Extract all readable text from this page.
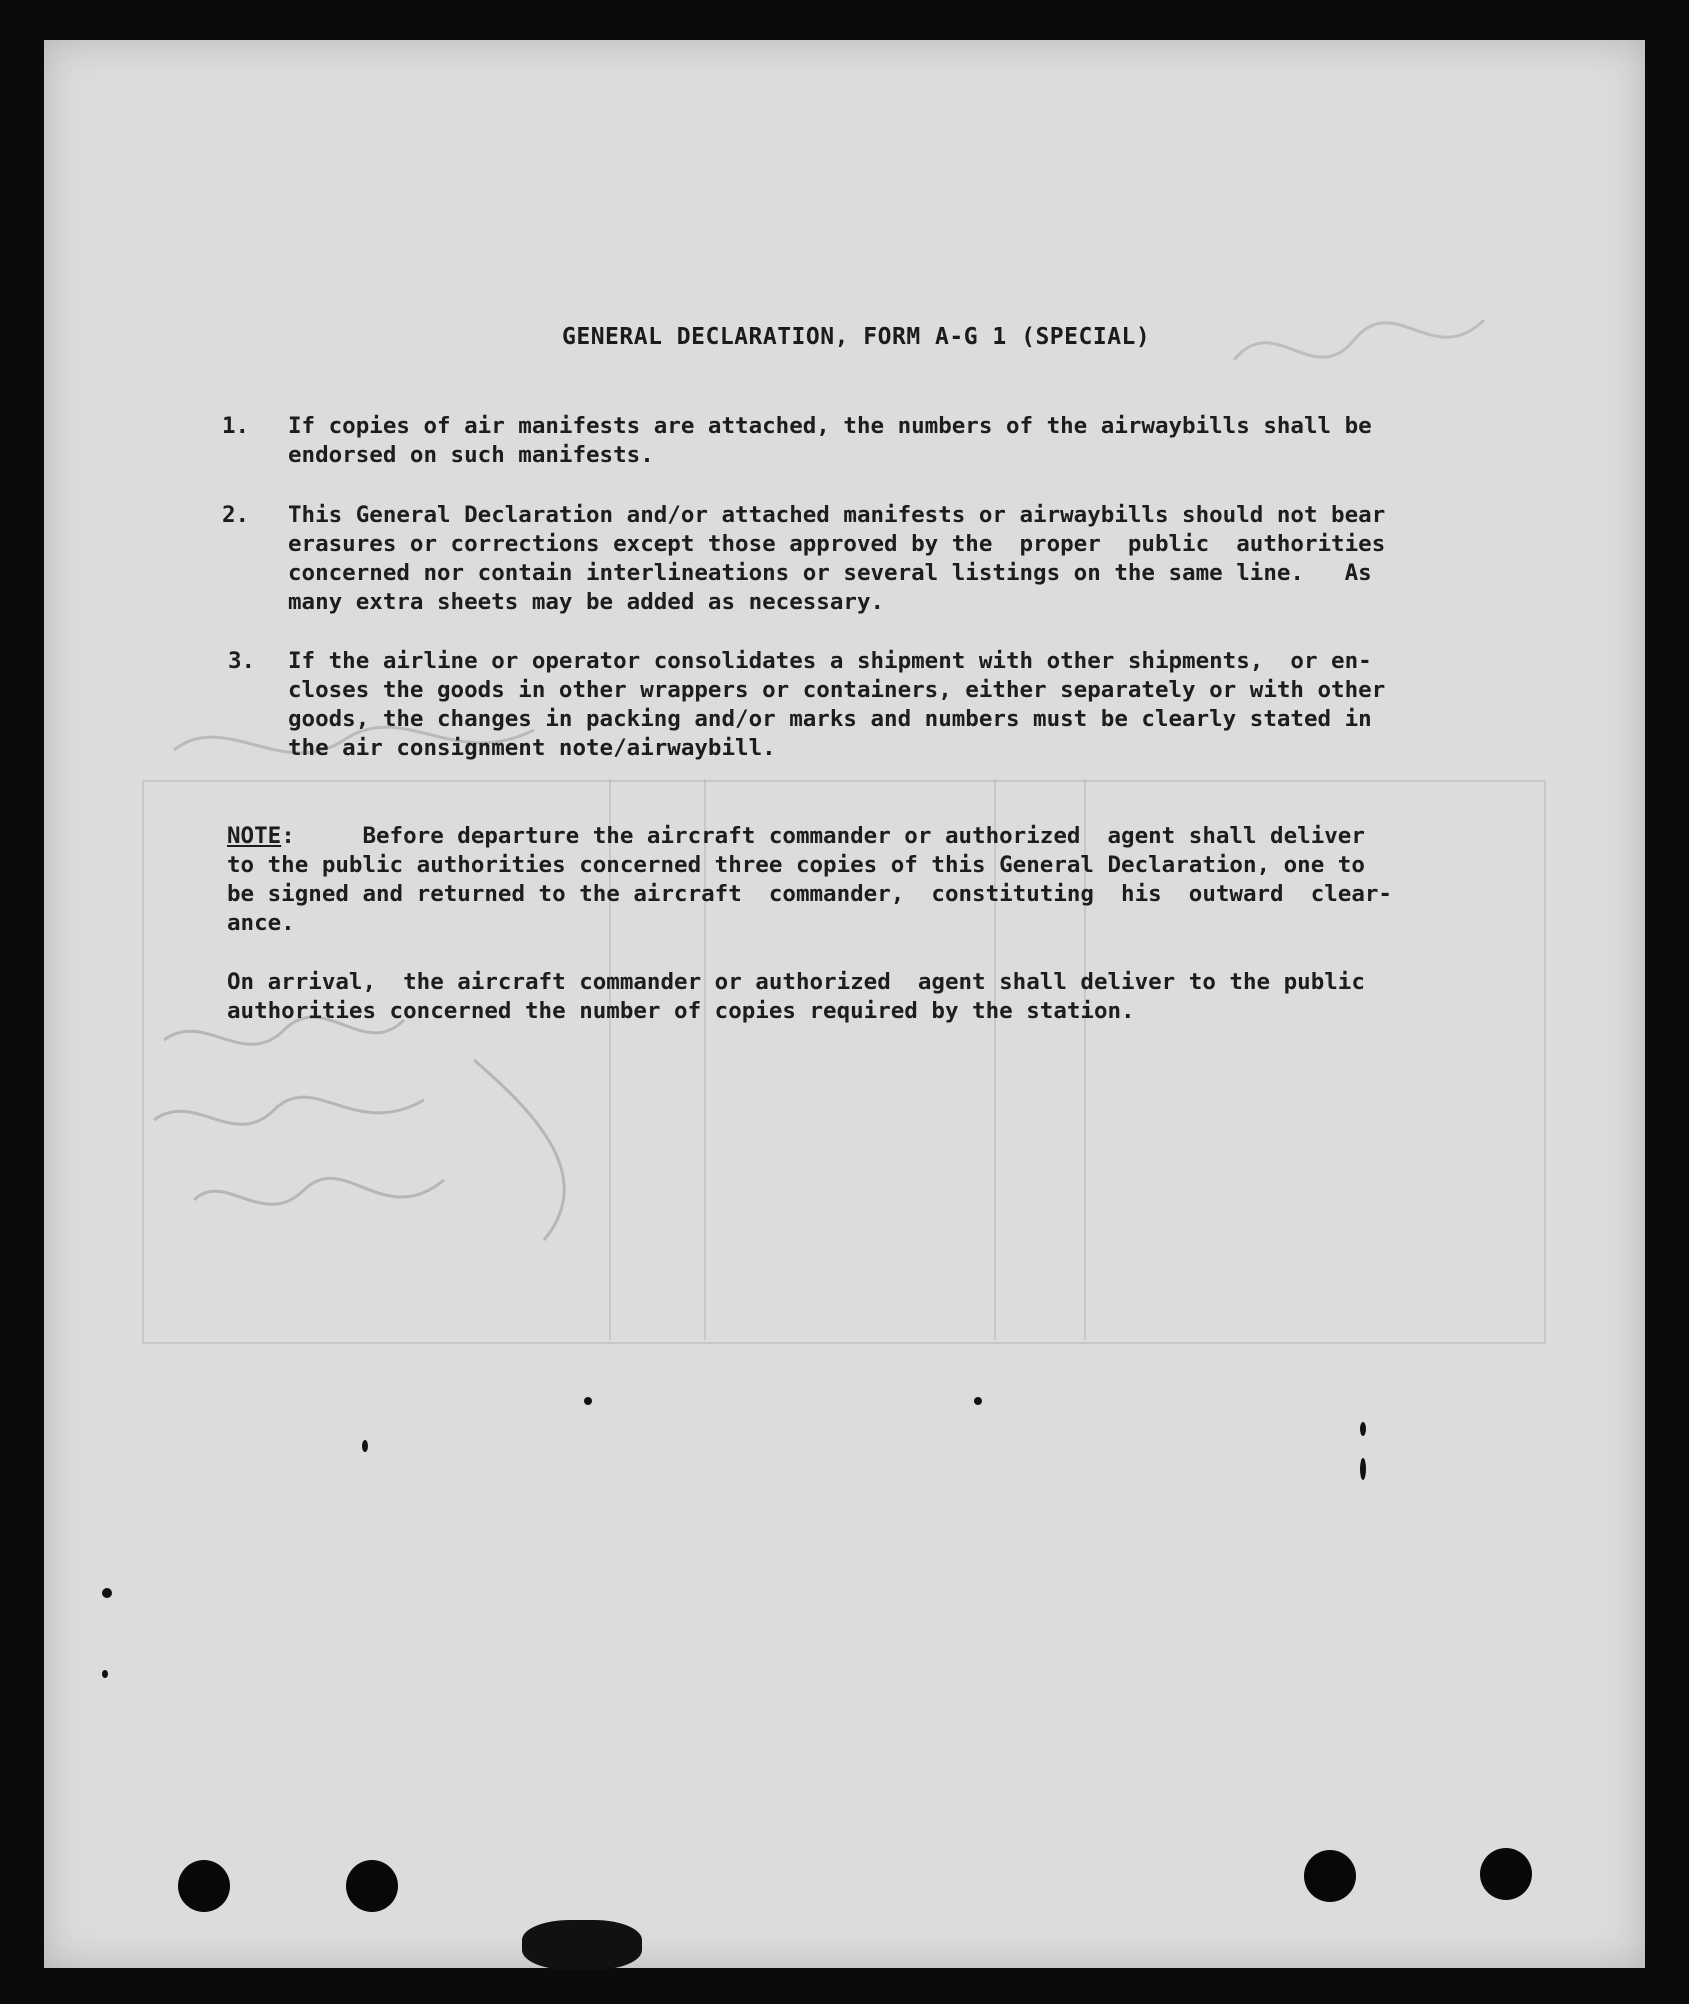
GENERAL DECLARATION, FORM A-G 1 (SPECIAL)
1. If copies of air manifests are attached, the numbers of the airwaybills shall be
endorsed on such manifests.
2. This General Declaration and/or attached manifests or airwaybills should not bear
erasures or corrections except those approved by the  proper  public  authorities
concerned nor contain interlineations or several listings on the same line.   As
many extra sheets may be added as necessary.
3. If the airline or operator consolidates a shipment with other shipments,  or en-
closes the goods in other wrappers or containers, either separately or with other
goods, the changes in packing and/or marks and numbers must be clearly stated in
the air consignment note/airwaybill.
NOTE:     Before departure the aircraft commander or authorized  agent shall deliver
to the public authorities concerned three copies of this General Declaration, one to
be signed and returned to the aircraft  commander,  constituting  his  outward  clear-
ance.
On arrival,  the aircraft commander or authorized  agent shall deliver to the public
authorities concerned the number of copies required by the station.
